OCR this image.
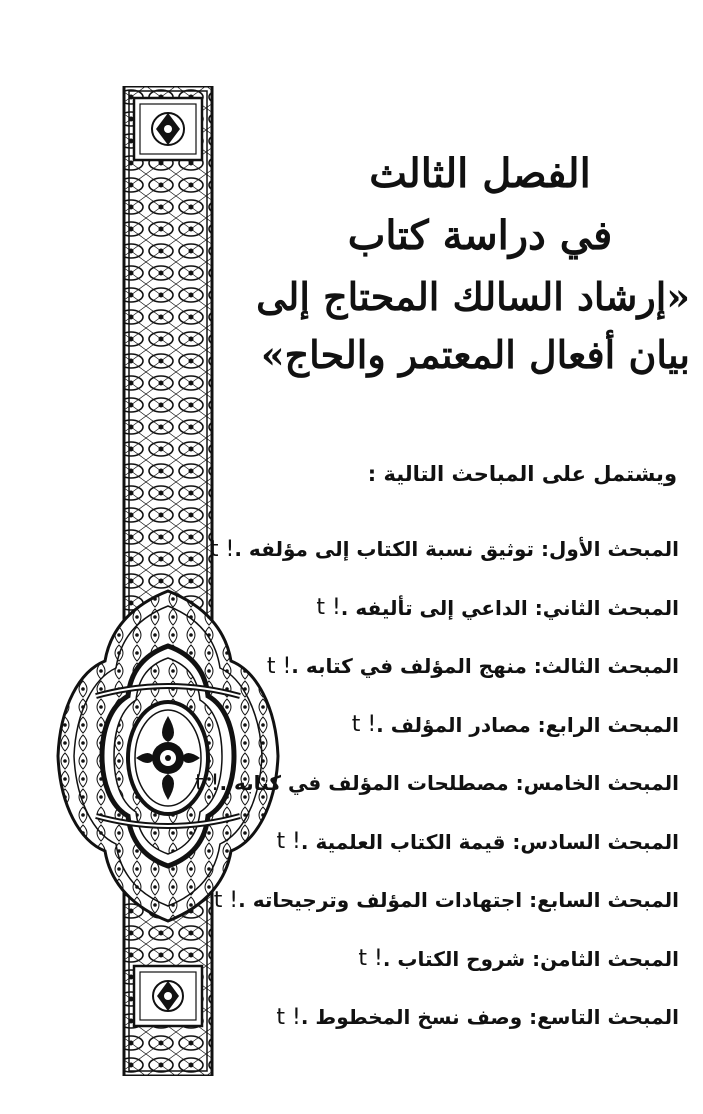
الفصل الثالث
في دراسة كتاب
«إرشاد السالك المحتاج إلى
بيان أفعال المعتمر والحاج»
ويشتمل على المباحث التالية :
المبحث الأول: توثيق نسبة الكتاب إلى مؤلفه .
t !
المبحث الثاني: الداعي إلى تأليفه .
t !
المبحث الثالث: منهج المؤلف في كتابه .
t !
المبحث الرابع: مصادر المؤلف .
t !
المبحث الخامس: مصطلحات المؤلف في كتابه .
t !
المبحث السادس: قيمة الكتاب العلمية .
t !
المبحث السابع: اجتهادات المؤلف وترجيحاته .
t !
المبحث الثامن: شروح الكتاب .
t !
المبحث التاسع: وصف نسخ المخطوط .
t !
